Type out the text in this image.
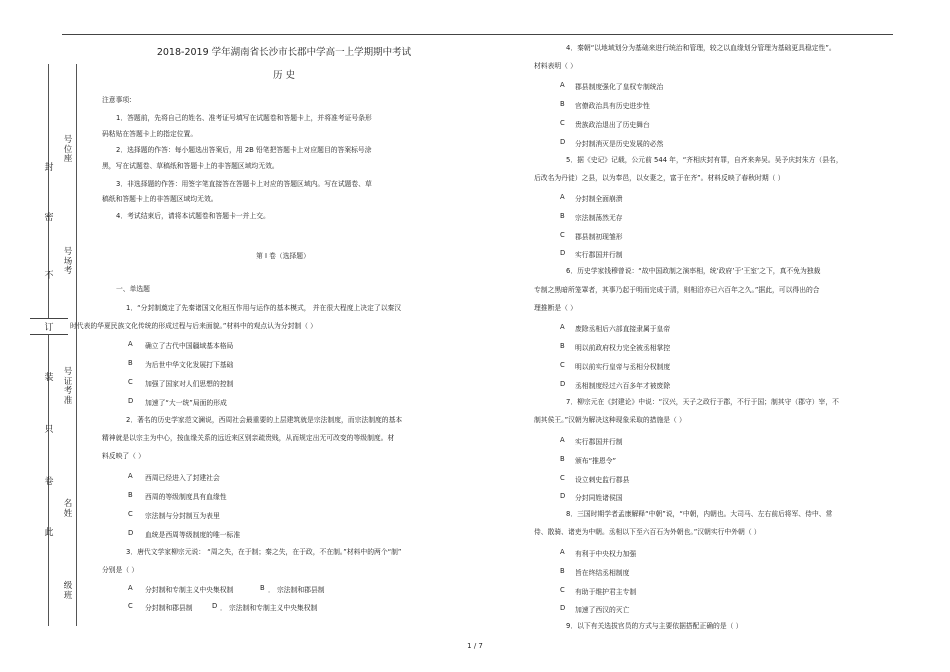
封
密
不
订
装
只
卷
此
号位座
号场考
号证考准
名姓
级班
2018-2019 学年湖南省长沙市长郡中学高一上学期期中考试
历 史
注意事项:
1．答题前，先将自己的姓名、准考证号填写在试题卷和答题卡上，并将准考证号条形
码粘贴在答题卡上的指定位置。
2．选择题的作答：每小题选出答案后，用 2B 铅笔把答题卡上对应题目的答案标号涂
黑，写在试题卷、草稿纸和答题卡上的非答题区域均无效。
3．非选择题的作答：用签字笔直接答在答题卡上对应的答题区域内。写在试题卷、草
稿纸和答题卡上的非答题区域均无效。
4．考试结束后，请将本试题卷和答题卡一并上交。
第 I 卷（选择题）
一、单选题
1．“分封制奠定了先秦诸国文化相互作用与运作的基本模式， 并在很大程度上决定了以秦汉
时代表的华夏民族文化传统的形成过程与后来面貌。”材料中的观点认为分封制（ ）
A 确立了古代中国疆域基本格局
B 为后世中华文化发展打下基础
C 加强了国家对人们思想的控制
D 加速了“大一统”局面的形成
2．著名的历史学家范文澜说，西周社会最重要的上层建筑就是宗法制度，而宗法制度的基本
精神就是以宗主为中心，按血缘关系的远近来区别亲疏贵贱，从而规定出无可改变的等级制度。材
料反映了（ ）
A 西周已经进入了封建社会
B 西周的等级制度具有血缘性
C 宗法制与分封制互为表里
D 血统是西周等级制度的唯一标准
3．唐代文学家柳宗元说： “周之失，在于制；秦之失，在于政，不在制。”材料中的两个“制”
分别是（ ）
A 分封制和专制主义中央集权制	B ． 宗法制和郡县制
C 分封制和郡县制	D ． 宗法制和专制主义中央集权制
4．秦朝“以地域划分为基础来进行统治和管理，较之以血缘划分管理为基础更具稳定性”。
材料表明（ ）
A 郡县制度强化了皇权专制统治
B 官僚政治具有历史进步性
C 贵族政治退出了历史舞台
D 分封制消灭是历史发展的必然
5．据《史记》记载，公元前 544 年，“齐相庆封有罪，自齐来奔吴。吴予庆封朱方（县名，
后改名为丹徒）之县，以为奉邑，以女妻之，富于在齐”。材料反映了春秋时期（ ）
A 分封制全面崩溃
B 宗法制荡然无存
C 郡县制初现雏形
D 实行郡国并行制
6．历史学家钱穆曾说：“故中国政制之演率相，统‘政府’于‘王室’之下，真不免为独裁
专制之黑暗所笼罩者，其事乃起于明而完成于清，则相沿亦已六百年之久。”据此，可以得出的合
理推断是（ ）
A 废除丞相后六部直接隶属于皇帝
B 明以前政府权力完全被丞相掌控
C 明以前实行皇帝与丞相分权制度
D 丞相制度经过六百多年才被废除
7．柳宗元在《封建论》中说：“汉兴，天子之政行于郡，不行于国；制其守（郡守）宰，不
制其侯王。”汉朝为解决这种现象采取的措施是（ ）
A 实行郡国并行制
B 颁布“推恩令”
C 设立刺史监行郡县
D 分封同姓诸侯国
8．三国时期学者孟康解释“中朝”说，“中朝，内朝也。大司马、左右前后将军、侍中、常
侍、散骑、诸吏为中朝。丞相以下至六百石为外朝也。”汉朝实行中外朝（ ）
A 有利于中央权力加强
B 旨在终结丞相制度
C 有助于维护君主专制
D 加速了西汉的灭亡
9．以下有关选拔官员的方式与主要依据搭配正确的是（ ）
1 / 7
